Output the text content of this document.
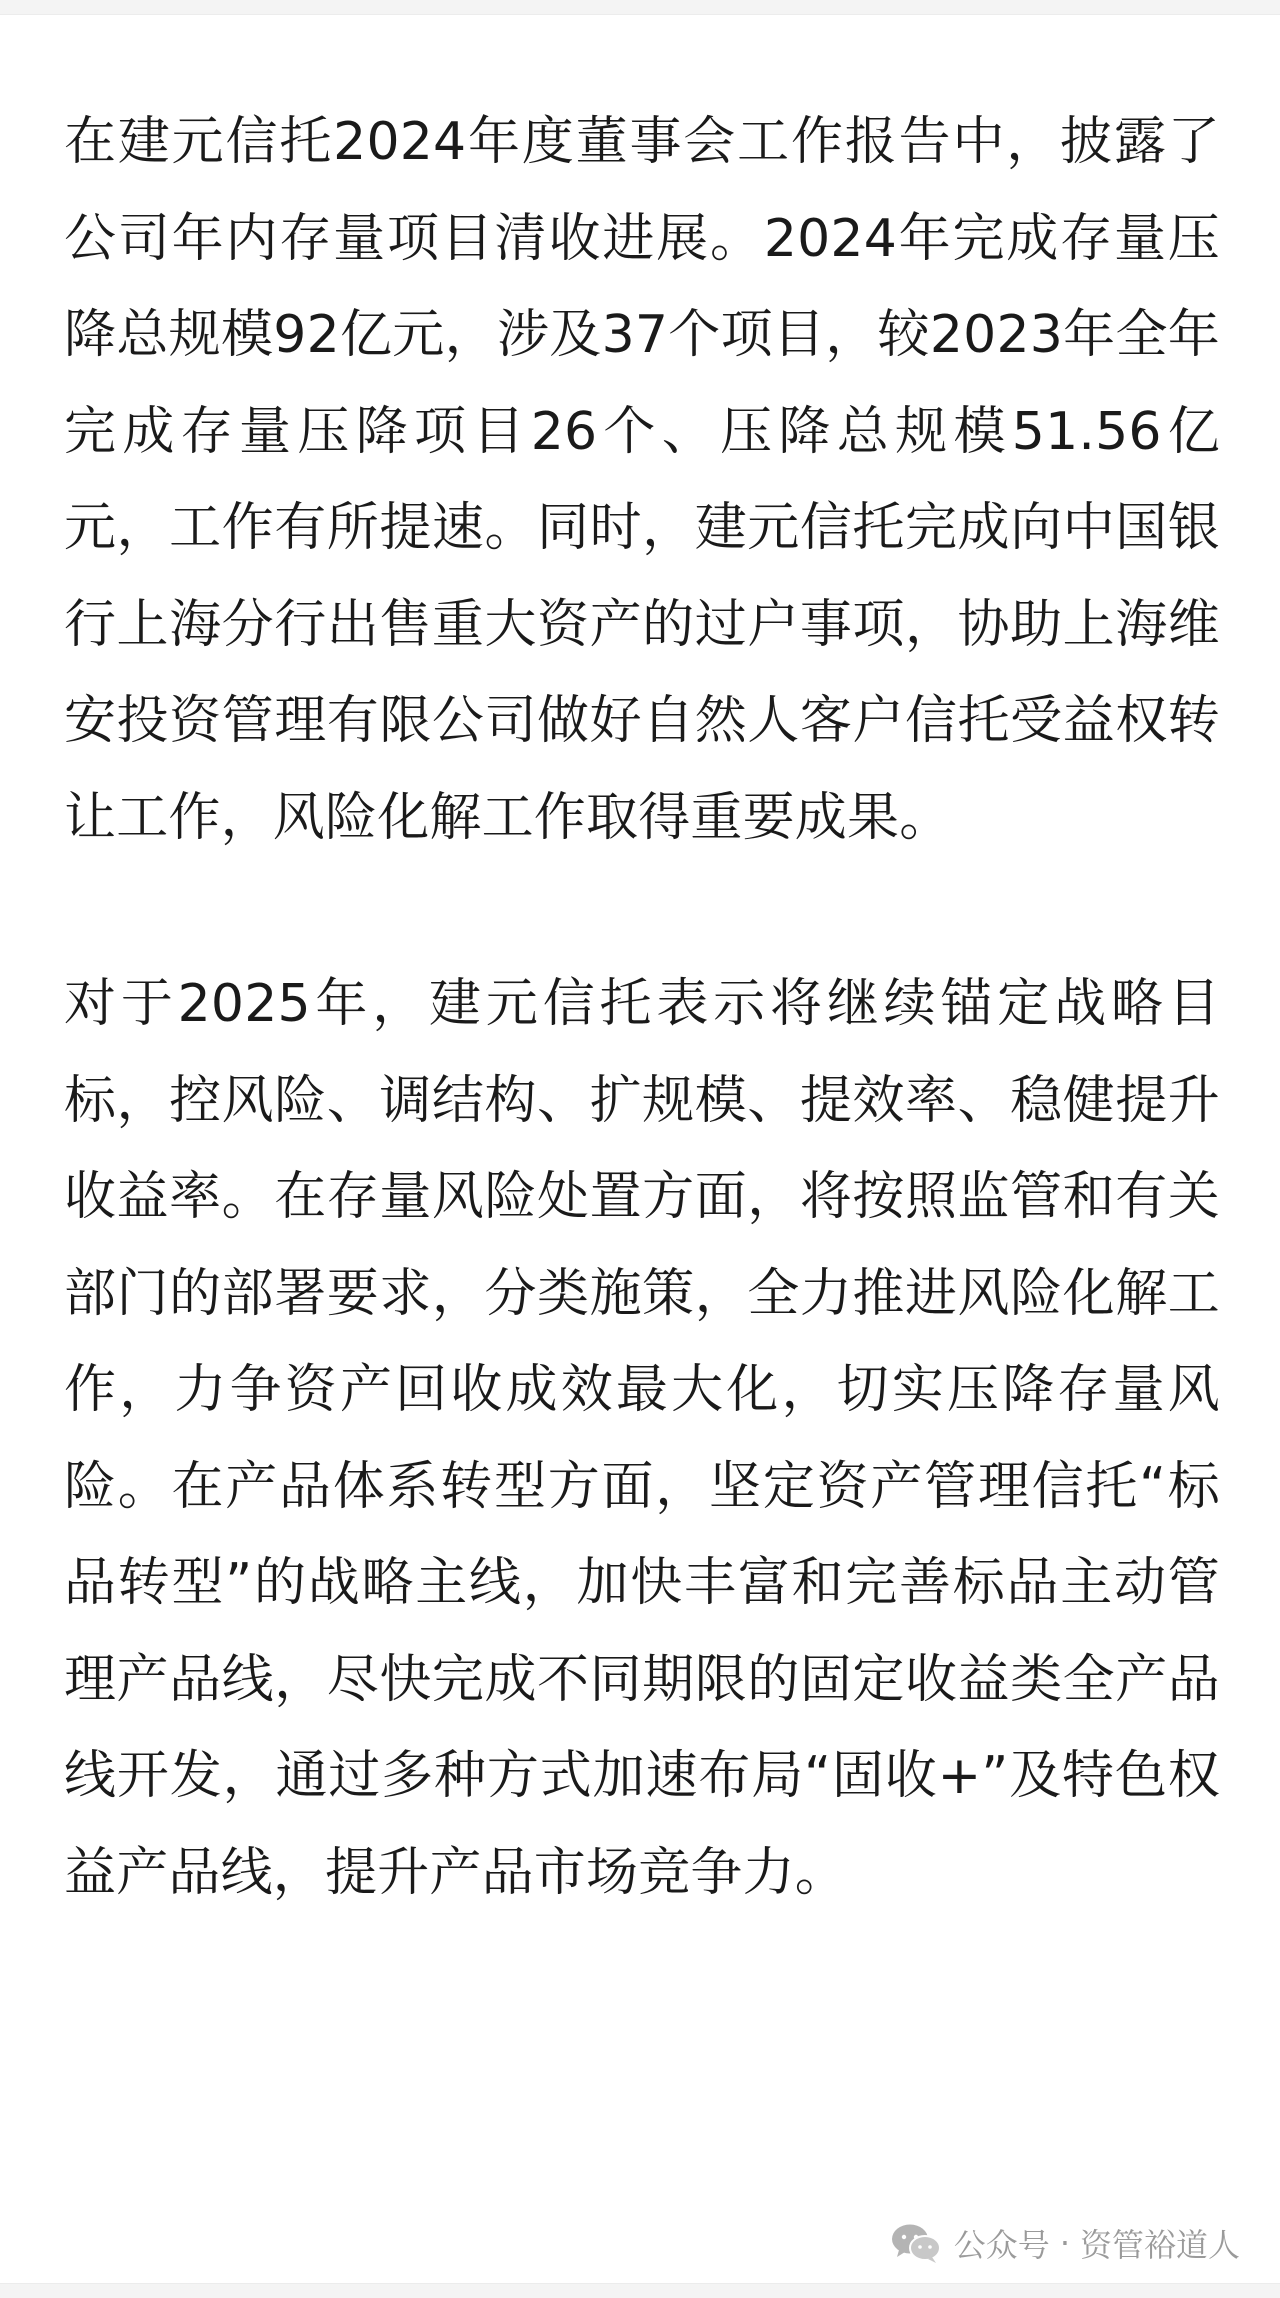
在建元信托2024年度董事会工作报告中，披露了公司年内存量项目清收进展。2024年完成存量压降总规模92亿元，涉及37个项目，较2023年全年完成存量压降项目26个、压降总规模51.56亿元，工作有所提速。同时，建元信托完成向中国银行上海分行出售重大资产的过户事项，协助上海维安投资管理有限公司做好自然人客户信托受益权转让工作，风险化解工作取得重要成果。

对于2025年，建元信托表示将继续锚定战略目标，控风险、调结构、扩规模、提效率、稳健提升收益率。在存量风险处置方面，将按照监管和有关部门的部署要求，分类施策，全力推进风险化解工作，力争资产回收成效最大化，切实压降存量风险。在产品体系转型方面，坚定资产管理信托“标品转型”的战略主线，加快丰富和完善标品主动管理产品线，尽快完成不同期限的固定收益类全产品线开发，通过多种方式加速布局“固收+”及特色权益产品线，提升产品市场竞争力。

公众号 · 资管裕道人
